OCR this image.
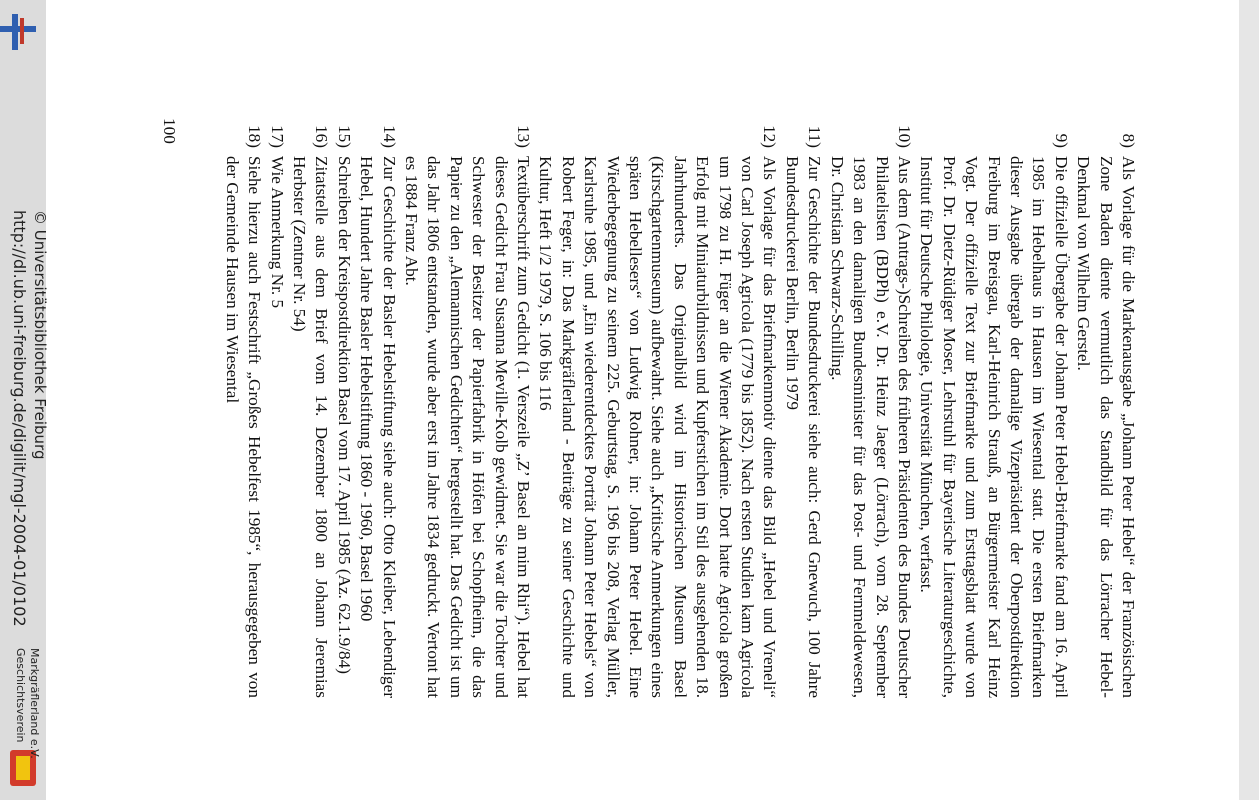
http://dl.ub.uni-freiburg.de/digilit/mgl-2004-01/0102 © Universitätsbibliothek Freiburg
Geschichtsverein Markgräflerland e.V.
8)
Als Vorlage für die Markenausgabe „Johann Peter Hebel“ der Französischen Zone Baden diente vermutlich das Standbild für das Lörracher Hebel-Denkmal von Wilhelm Gerstel.
9)
Die offizielle Übergabe der Johann Peter Hebel-Briefmarke fand am 16. April 1985 im Hebelhaus in Hausen im Wiesental statt. Die ersten Briefmarken dieser Ausgabe übergab der damalige Vizepräsident der Oberpostdirektion Freiburg im Breisgau, Karl-Heinrich Strauß, an Bürgermeister Karl Heinz Vogt. Der offizielle Text zur Briefmarke und zum Ersttagsblatt wurde von Prof. Dr. Dietz-Rüdiger Moser, Lehrstuhl für Bayerische Literaturgeschichte, Institut für Deutsche Philologie, Universität München, verfasst.
10)
Aus dem (Antrags-)Schreiben des früheren Präsidenten des Bundes Deutscher Philatelisten (BDPh) e.V. Dr. Heinz Jaeger (Lörrach), vom 28. September 1983 an den damaligen Bundesminister für das Post- und Fernmeldewesen, Dr. Christian Schwarz-Schilling.
11)
Zur Geschichte der Bundesdruckerei siehe auch: Gerd Gnewuch, 100 Jahre Bundesdruckerei Berlin, Berlin 1979
12)
Als Vorlage für das Briefmarkenmotiv diente das Bild „Hebel und Vreneli“ von Carl Joseph Agricola (1779 bis 1852). Nach ersten Studien kam Agricola um 1798 zu H. Füger an die Wiener Akademie. Dort hatte Agricola großen Erfolg mit Miniaturbildnissen und Kupferstichen im Stil des ausgehenden 18. Jahrhunderts. Das Originalbild wird im Historischen Museum Basel (Kirschgartenmuseum) aufbewahrt. Siehe auch „Kritische Anmerkungen eines späten Hebellesers“ von Ludwig Rohner, in: Johann Peter Hebel. Eine Wiederbegegnung zu seinem 225. Geburtstag, S. 196 bis 208, Verlag Müller, Karlsruhe 1985, und „Ein wiederentdecktes Porträt Johann Peter Hebels“ von Robert Feger, in: Das Markgräflerland - Beiträge zu seiner Geschichte und Kultur, Heft 1/2 1979, S. 106 bis 116
13)
Textüberschrift zum Gedicht (1. Verszeile „Z’ Basel an mim Rhi“). Hebel hat dieses Gedicht Frau Susanna Meville-Kolb gewidmet. Sie war die Tochter und Schwester der Besitzer der Papierfabrik in Höfen bei Schopfheim, die das Papier zu den „Alemannischen Gedichten“ hergestellt hat. Das Gedicht ist um das Jahr 1806 entstanden, wurde aber erst im Jahre 1834 gedruckt. Vertont hat es 1884 Franz Abt.
14)
Zur Geschichte der Basler Hebelstiftung siehe auch: Otto Kleiber, Lebendiger Hebel, Hundert Jahre Basler Hebelstiftung 1860 - 1960, Basel 1960
15)
Schreiben der Kreispostdirektion Basel vom 17. April 1985 (Az. 62.1.9/84)
16)
Zitatstelle aus dem Brief vom 14. Dezember 1800 an Johann Jeremias Herbster (Zentner Nr. 54)
17)
Wie Anmerkung Nr. 5
18)
Siehe hierzu auch Festschrift „Großes Hebelfest 1985“, herausgegeben von der Gemeinde Hausen im Wiesental
100
